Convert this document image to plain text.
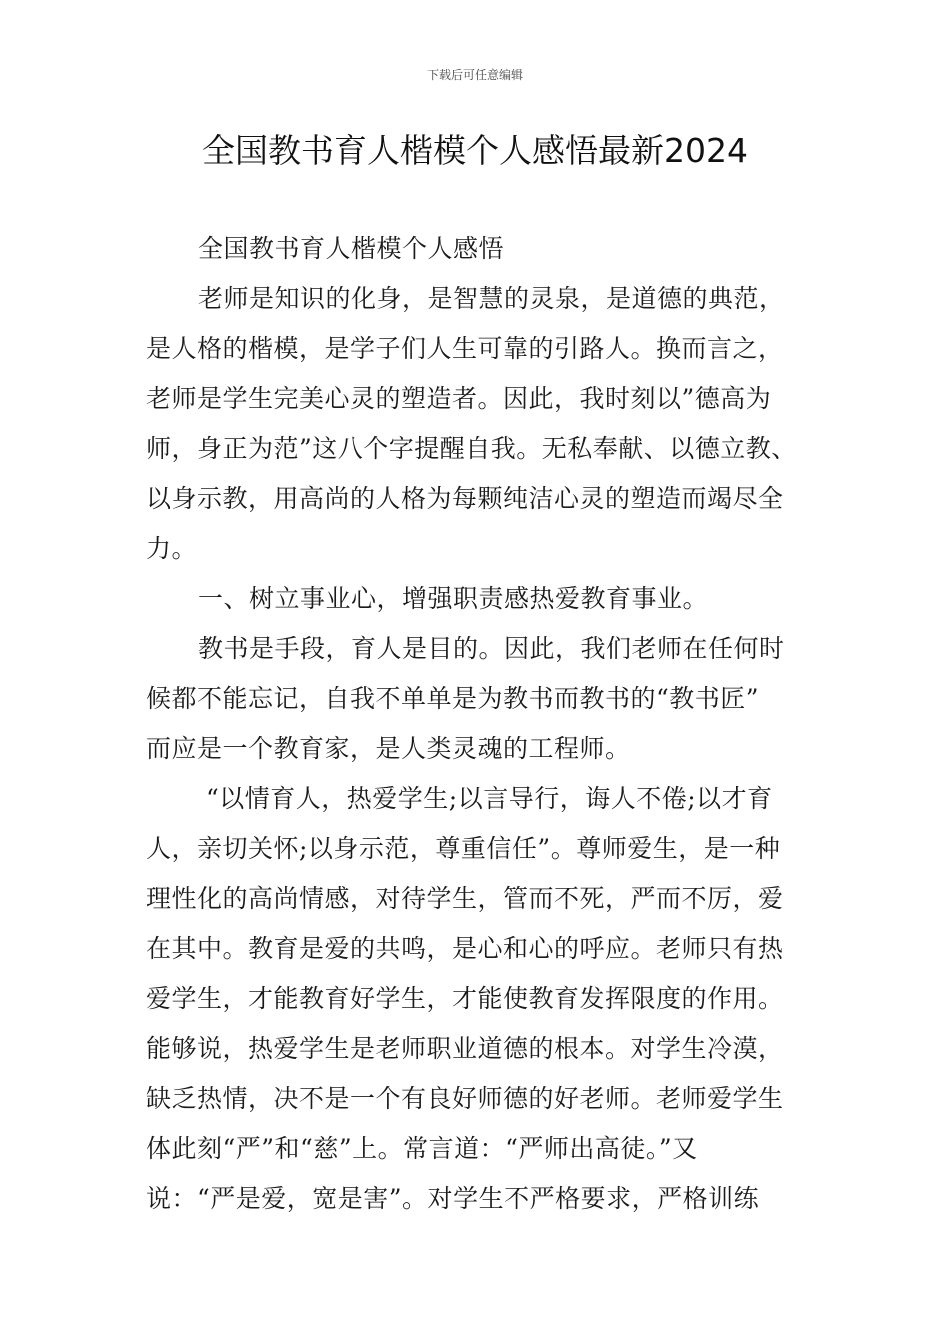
下载后可任意编辑
全国教书育人楷模个人感悟最新2024
全国教书育人楷模个人感悟
老师是知识的化身，是智慧的灵泉，是道德的典范，
是人格的楷模，是学子们人生可靠的引路人。换而言之，
老师是学生完美心灵的塑造者。因此，我时刻以”德高为
师，身正为范”这八个字提醒自我。无私奉献、以德立教、
以身示教，用高尚的人格为每颗纯洁心灵的塑造而竭尽全
力。
一、树立事业心，增强职责感热爱教育事业。
教书是手段，育人是目的。因此，我们老师在任何时
候都不能忘记，自我不单单是为教书而教书的“教书匠”
而应是一个教育家，是人类灵魂的工程师。
“以情育人，热爱学生;以言导行，诲人不倦;以才育
人，亲切关怀;以身示范，尊重信任”。尊师爱生，是一种
理性化的高尚情感，对待学生，管而不死，严而不厉，爱
在其中。教育是爱的共鸣，是心和心的呼应。老师只有热
爱学生，才能教育好学生，才能使教育发挥限度的作用。
能够说，热爱学生是老师职业道德的根本。对学生冷漠，
缺乏热情，决不是一个有良好师德的好老师。老师爱学生
体此刻“严”和“慈”上。常言道：“严师出高徒。”又
说：“严是爱，宽是害”。对学生不严格要求，严格训练
